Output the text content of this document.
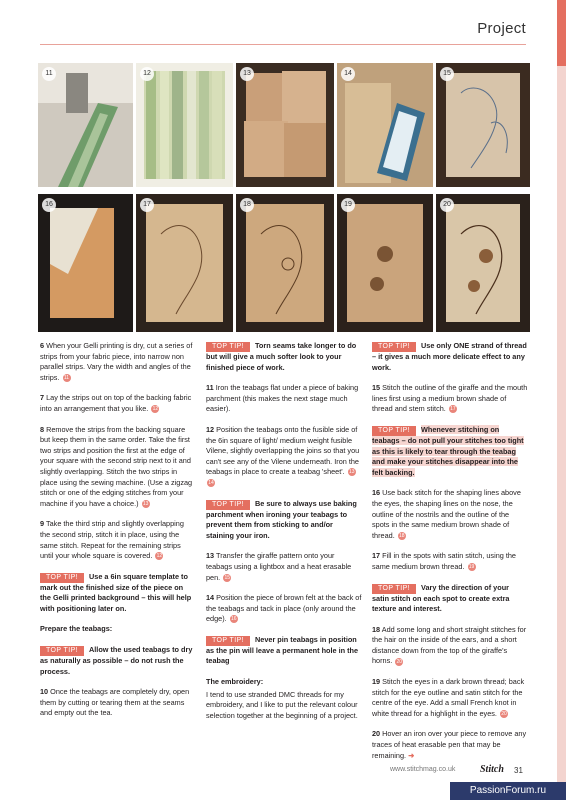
Project
11	12	13	14	15
16	17	18	19	20

6 When your Gelli printing is dry, cut a series of strips from your fabric piece, into narrow non parallel strips. Vary the width and angles of the strips. 11

7 Lay the strips out on top of the backing fabric into an arrangement that you like. 12

8 Remove the strips from the backing square but keep them in the same order. Take the first two strips and position the first at the edge of your square with the second strip next to it and slightly overlapping. Stitch the two strips in place using the sewing machine. (Use a zigzag stitch or one of the edging stitches from your machine if you have a choice.) 13

9 Take the third strip and slightly overlapping the second strip, stitch it in place, using the same stitch. Repeat for the remaining strips until your whole square is covered. 12

TOP TIP! Use a 6in square template to mark out the finished size of the piece on the Gelli printed background – this will help with positioning later on.

Prepare the teabags:

TOP TIP! Allow the used teabags to dry as naturally as possible – do not rush the process.

10 Once the teabags are completely dry, open them by cutting or tearing them at the seams and empty out the tea.

TOP TIP! Torn seams take longer to do but will give a much softer look to your finished piece of work.

11 Iron the teabags flat under a piece of baking parchment (this makes the next stage much easier).

12 Position the teabags onto the fusible side of the 6in square of light/ medium weight fusible Vilene, slightly overlapping the joins so that you can't see any of the Vilene underneath. Iron the teabags in place to create a teabag 'sheet'. 1314

TOP TIP! Be sure to always use baking parchment when ironing your teabags to prevent them from sticking to and/or staining your iron.

13 Transfer the giraffe pattern onto your teabags using a lightbox and a heat erasable pen. 15

14 Position the piece of brown felt at the back of the teabags and tack in place (only around the edge). 16

TOP TIP! Never pin teabags in position as the pin will leave a permanent hole in the teabag

The embroidery:

I tend to use stranded DMC threads for my embroidery, and I like to put the relevant colour selection together at the beginning of a project.

TOP TIP! Use only ONE strand of thread – it gives a much more delicate effect to any work.

15 Stitch the outline of the giraffe and the mouth lines first using a medium brown shade of thread and stem stitch. 17

TOP TIP! Whenever stitching on teabags – do not pull your stitches too tight as this is likely to tear through the teabag and make your stitches disappear into the felt backing.

16 Use back stitch for the shaping lines above the eyes, the shaping lines on the nose, the outline of the nostrils and the outline of the spots in the same medium brown shade of thread. 18

17 Fill in the spots with satin stitch, using the same medium brown thread. 19

TOP TIP! Vary the direction of your satin stitch on each spot to create extra texture and interest.

18 Add some long and short straight stitches for the hair on the inside of the ears, and a short distance down from the top of the giraffe's horns. 20

19 Stitch the eyes in a dark brown thread; back stitch for the eye outline and satin stitch for the centre of the eye. Add a small French knot in white thread for a highlight in the eyes. 20

20 Hover an iron over your piece to remove any traces of heat erasable pen that may be remaining. ➜

www.stitchmag.co.uk Stitch 31
PassionForum.ru
